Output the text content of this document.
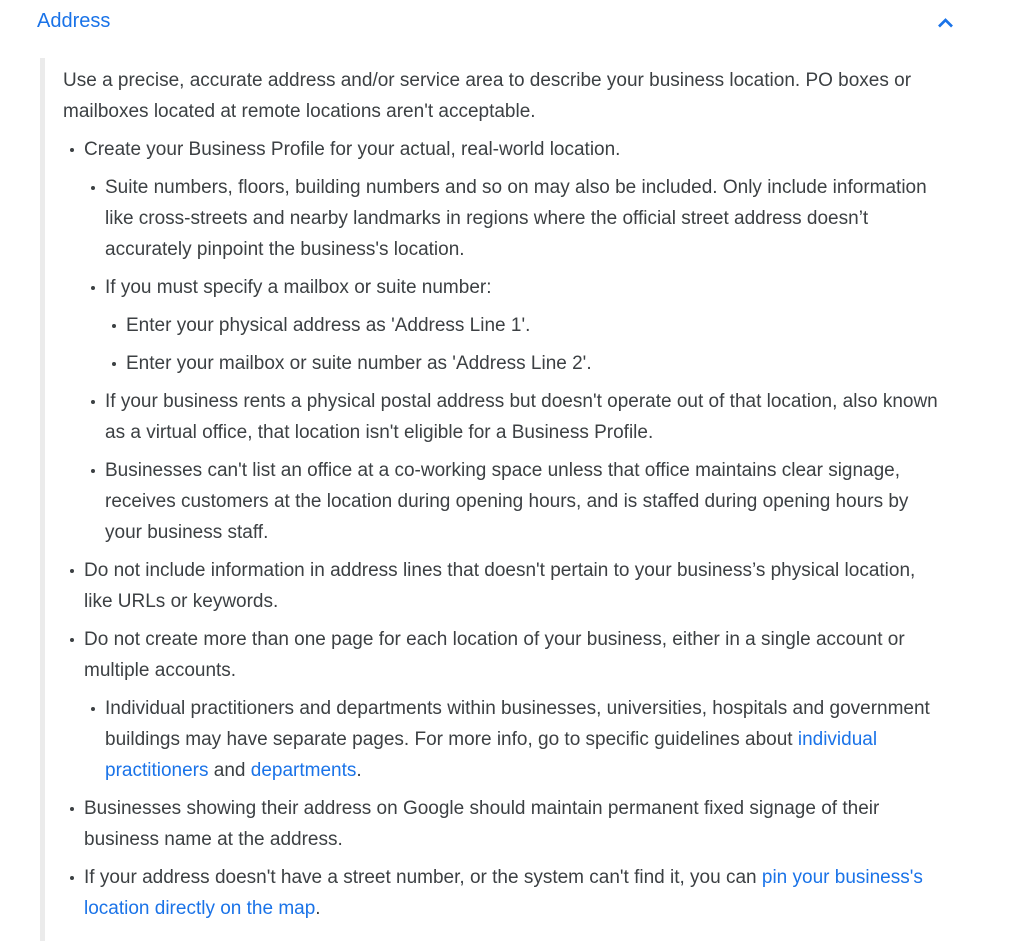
Address

Use a precise, accurate address and/or service area to describe your business location. PO boxes or mailboxes located at remote locations aren't acceptable.

Create your Business Profile for your actual, real-world location.
Suite numbers, floors, building numbers and so on may also be included. Only include information like cross-streets and nearby landmarks in regions where the official street address doesn’t accurately pinpoint the business's location.
If you must specify a mailbox or suite number:
Enter your physical address as 'Address Line 1'.
Enter your mailbox or suite number as 'Address Line 2'.
If your business rents a physical postal address but doesn't operate out of that location, also known as a virtual office, that location isn't eligible for a Business Profile.
Businesses can't list an office at a co-working space unless that office maintains clear signage, receives customers at the location during opening hours, and is staffed during opening hours by your business staff.
Do not include information in address lines that doesn't pertain to your business’s physical location, like URLs or keywords.
Do not create more than one page for each location of your business, either in a single account or multiple accounts.
Individual practitioners and departments within businesses, universities, hospitals and government buildings may have separate pages. For more info, go to specific guidelines about individual practitioners and departments.
Businesses showing their address on Google should maintain permanent fixed signage of their business name at the address.
If your address doesn't have a street number, or the system can't find it, you can pin your business's location directly on the map.
